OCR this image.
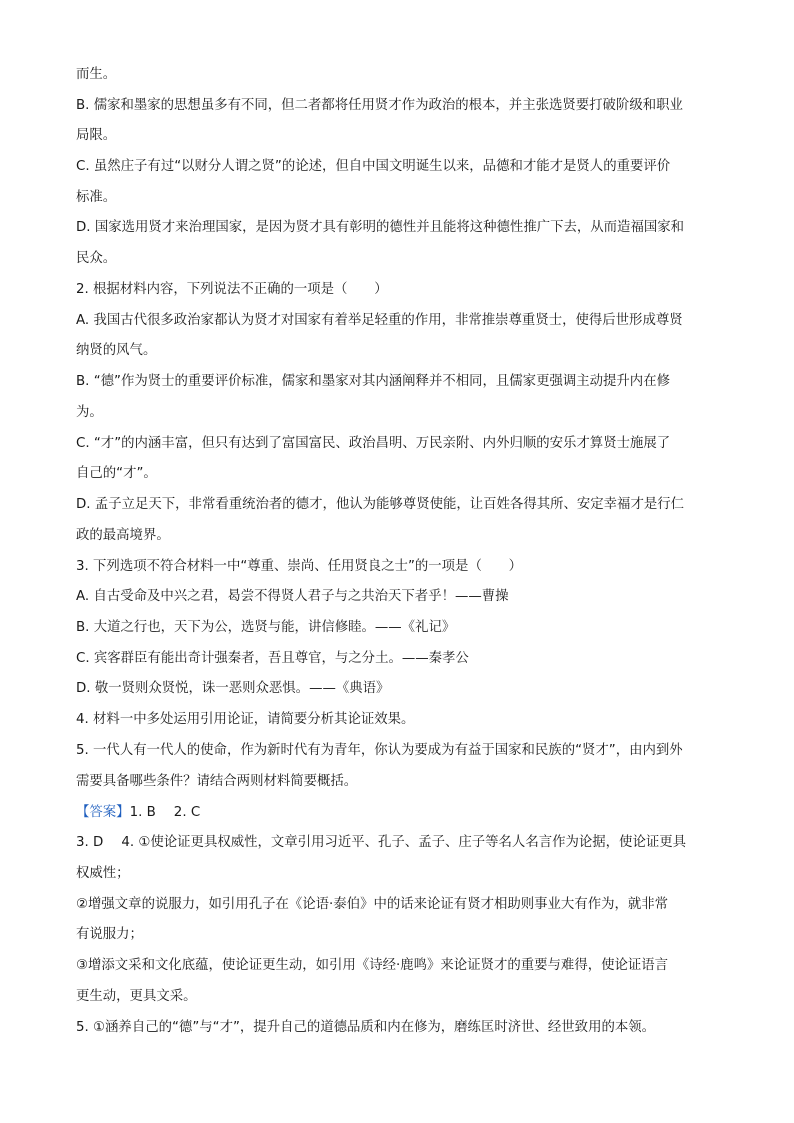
而生。
B. 儒家和墨家的思想虽多有不同，但二者都将任用贤才作为政治的根本，并主张选贤要打破阶级和职业
局限。
C. 虽然庄子有过“以财分人谓之贤”的论述，但自中国文明诞生以来，品德和才能才是贤人的重要评价
标准。
D. 国家选用贤才来治理国家，是因为贤才具有彰明的德性并且能将这种德性推广下去，从而造福国家和
民众。
2. 根据材料内容，下列说法不正确的一项是（　　）
A. 我国古代很多政治家都认为贤才对国家有着举足轻重的作用，非常推崇尊重贤士，使得后世形成尊贤
纳贤的风气。
B. “德”作为贤士的重要评价标准，儒家和墨家对其内涵阐释并不相同，且儒家更强调主动提升内在修
为。
C. “才”的内涵丰富，但只有达到了富国富民、政治昌明、万民亲附、内外归顺的安乐才算贤士施展了
自己的“才”。
D. 孟子立足天下，非常看重统治者的德才，他认为能够尊贤使能，让百姓各得其所、安定幸福才是行仁
政的最高境界。
3. 下列选项不符合材料一中“尊重、崇尚、任用贤良之士”的一项是（　　）
A. 自古受命及中兴之君，曷尝不得贤人君子与之共治天下者乎！——曹操
B. 大道之行也，天下为公，选贤与能，讲信修睦。——《礼记》
C. 宾客群臣有能出奇计强秦者，吾且尊官，与之分土。——秦孝公
D. 敬一贤则众贤悦，诛一恶则众恶惧。——《典语》
4. 材料一中多处运用引用论证，请简要分析其论证效果。
5. 一代人有一代人的使命，作为新时代有为青年，你认为要成为有益于国家和民族的“贤才”，由内到外
需要具备哪些条件？请结合两则材料简要概括。
【答案】1. B 2. C
3. D 4. ①使论证更具权威性，文章引用习近平、孔子、孟子、庄子等名人名言作为论据，使论证更具
权威性；
②增强文章的说服力，如引用孔子在《论语·泰伯》中的话来论证有贤才相助则事业大有作为，就非常
有说服力；
③增添文采和文化底蕴，使论证更生动，如引用《诗经·鹿鸣》来论证贤才的重要与难得，使论证语言
更生动，更具文采。
5. ①涵养自己的“德”与“才”，提升自己的道德品质和内在修为，磨练匡时济世、经世致用的本领。
